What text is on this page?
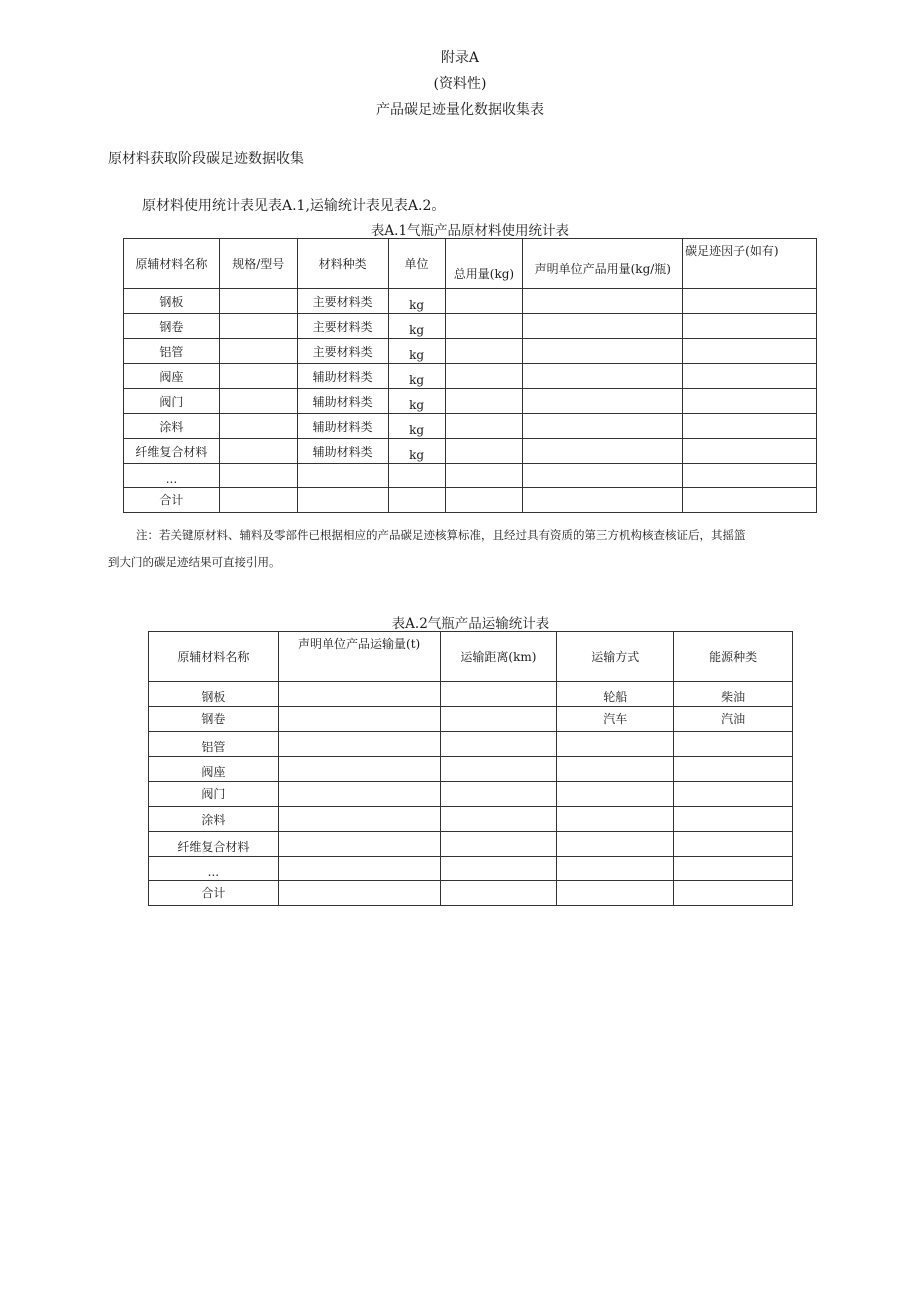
附录A
(资料性)
产品碳足迹量化数据收集表
原材料获取阶段碳足迹数据收集
原材料使用统计表见表A.1,运输统计表见表A.2。
表A.1气瓶产品原材料使用统计表
原辅材料名称	规格/型号	材料种类	单位	总用量(kg)	声明单位产品用量(kg/瓶)	碳足迹因子(如有)
钢板		主要材料类	kg			
钢卷		主要材料类	kg			
铝管		主要材料类	kg			
阀座		辅助材料类	kg			
阀门		辅助材料类	kg			
涂料		辅助材料类	kg			
纤维复合材料		辅助材料类	kg			
...						
合计						
注：若关键原材料、辅料及零部件已根据相应的产品碳足迹核算标准，且经过具有资质的第三方机构核查核证后，其摇篮
到大门的碳足迹结果可直接引用。
表A.2气瓶产品运输统计表
原辅材料名称	声明单位产品运输量(t)	运输距离(km)	运输方式	能源种类
钢板			轮船	柴油
钢卷			汽车	汽油
铝管				
阀座				
阀门				
涂料				
纤维复合材料				
...				
合计				
